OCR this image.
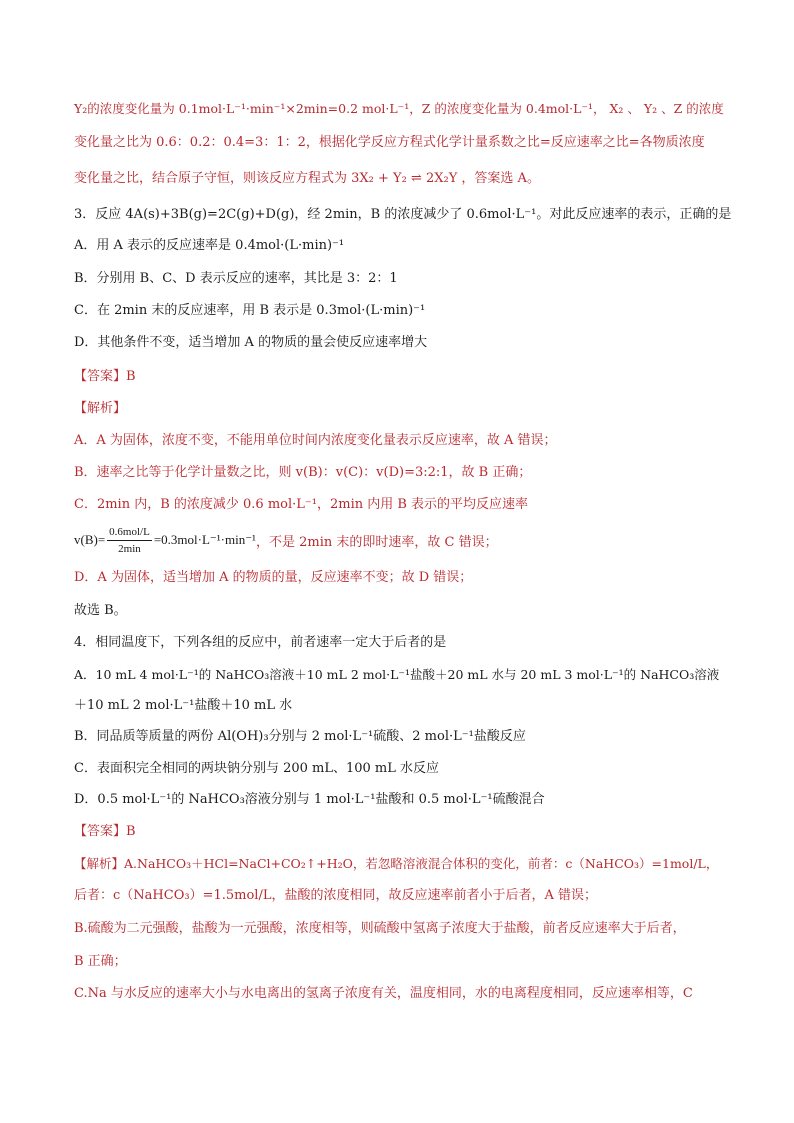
Y₂的浓度变化量为 0.1mol·L⁻¹·min⁻¹×2min=0.2 mol·L⁻¹，Z 的浓度变化量为 0.4mol·L⁻¹， X₂ 、 Y₂ 、Z 的浓度
变化量之比为 0.6：0.2：0.4=3：1：2，根据化学反应方程式化学计量系数之比=反应速率之比=各物质浓度
变化量之比，结合原子守恒，则该反应方程式为 3X₂ + Y₂ ⇌ 2X₂Y ，答案选 A。
3．反应 4A(s)+3B(g)=2C(g)+D(g)，经 2min，B 的浓度减少了 0.6mol·L⁻¹。对此反应速率的表示，正确的是
A．用 A 表示的反应速率是 0.4mol·(L·min)⁻¹
B．分别用 B、C、D 表示反应的速率，其比是 3：2：1
C．在 2min 末的反应速率，用 B 表示是 0.3mol·(L·min)⁻¹
D．其他条件不变，适当增加 A 的物质的量会使反应速率增大
【答案】B
【解析】
A．A 为固体，浓度不变，不能用单位时间内浓度变化量表示反应速率，故 A 错误；
B．速率之比等于化学计量数之比，则 v(B)：v(C)：v(D)=3:2:1，故 B 正确；
C．2min 内，B 的浓度减少 0.6 mol·L⁻¹，2min 内用 B 表示的平均反应速率
$v(B)= \frac{\text{0.6mol/L}}{2\min} =0.3mol\cdot L^{-1}\cdot\min^{-1}$ ，不是 2min 末的即时速率，故 C 错误；
D．A 为固体，适当增加 A 的物质的量，反应速率不变；故 D 错误；
故选 B。
4．相同温度下，下列各组的反应中，前者速率一定大于后者的是
A．10 mL 4 mol·L⁻¹的 NaHCO₃溶液＋10 mL 2 mol·L⁻¹盐酸＋20 mL 水与 20 mL 3 mol·L⁻¹的 NaHCO₃溶液
＋10 mL 2 mol·L⁻¹盐酸＋10 mL 水
B．同品质等质量的两份 Al(OH)₃分别与 2 mol·L⁻¹硫酸、2 mol·L⁻¹盐酸反应
C．表面积完全相同的两块钠分别与 200 mL、100 mL 水反应
D．0.5 mol·L⁻¹的 NaHCO₃溶液分别与 1 mol·L⁻¹盐酸和 0.5 mol·L⁻¹硫酸混合
【答案】B
【解析】A.NaHCO₃＋HCl=NaCl+CO₂↑+H₂O，若忽略溶液混合体积的变化，前者：c（NaHCO₃）=1mol/L，
后者：c（NaHCO₃）=1.5mol/L，盐酸的浓度相同，故反应速率前者小于后者，A 错误；
B.硫酸为二元强酸，盐酸为一元强酸，浓度相等，则硫酸中氢离子浓度大于盐酸，前者反应速率大于后者，
B 正确；
C.Na 与水反应的速率大小与水电离出的氢离子浓度有关，温度相同，水的电离程度相同，反应速率相等，C
